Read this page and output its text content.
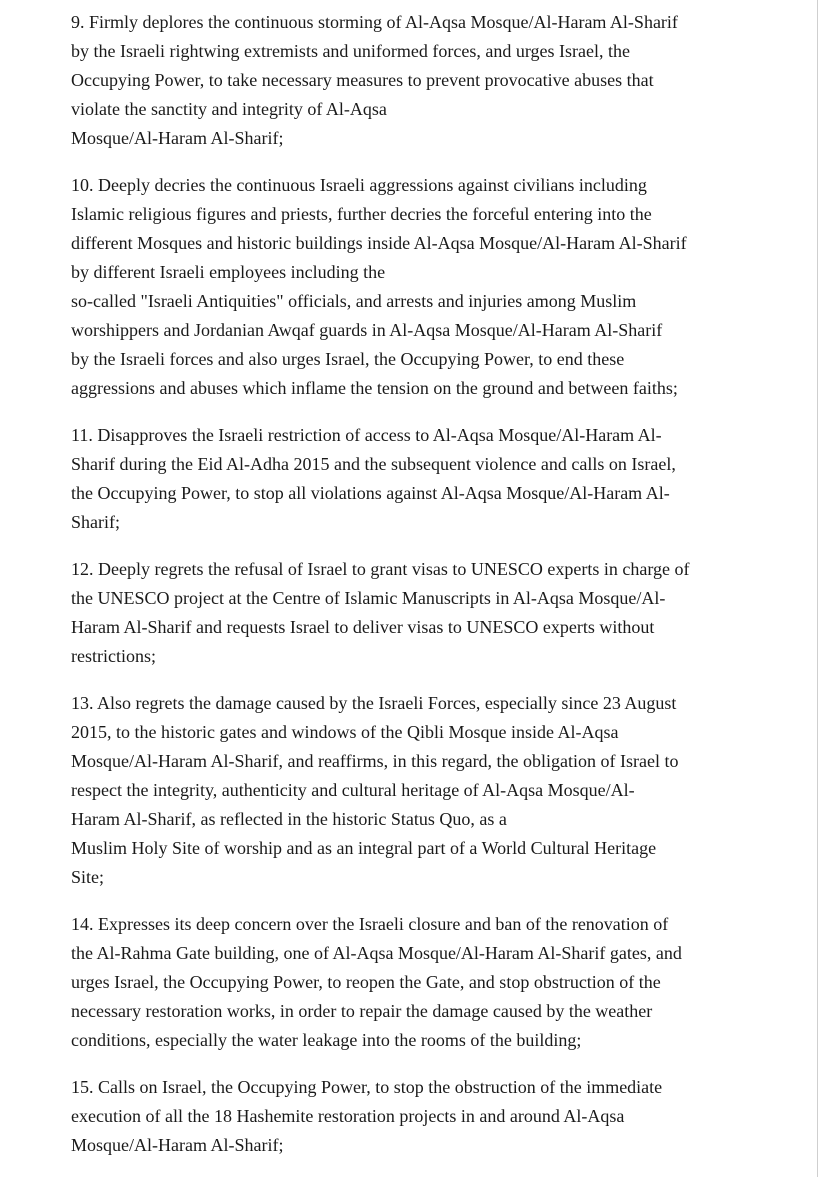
9. Firmly deplores the continuous storming of Al-Aqsa Mosque/Al-Haram Al-Sharif
by the Israeli rightwing extremists and uniformed forces, and urges Israel, the
Occupying Power, to take necessary measures to prevent provocative abuses that
violate the sanctity and integrity of Al-Aqsa
Mosque/Al-Haram Al-Sharif;

10. Deeply decries the continuous Israeli aggressions against civilians including
Islamic religious figures and priests, further decries the forceful entering into the
different Mosques and historic buildings inside Al-Aqsa Mosque/Al-Haram Al-Sharif
by different Israeli employees including the
so-called "Israeli Antiquities" officials, and arrests and injuries among Muslim
worshippers and Jordanian Awqaf guards in Al-Aqsa Mosque/Al-Haram Al-Sharif
by the Israeli forces and also urges Israel, the Occupying Power, to end these
aggressions and abuses which inflame the tension on the ground and between faiths;

11. Disapproves the Israeli restriction of access to Al-Aqsa Mosque/Al-Haram Al-
Sharif during the Eid Al-Adha 2015 and the subsequent violence and calls on Israel,
the Occupying Power, to stop all violations against Al-Aqsa Mosque/Al-Haram Al-
Sharif;

12. Deeply regrets the refusal of Israel to grant visas to UNESCO experts in charge of
the UNESCO project at the Centre of Islamic Manuscripts in Al-Aqsa Mosque/Al-
Haram Al-Sharif and requests Israel to deliver visas to UNESCO experts without
restrictions;

13. Also regrets the damage caused by the Israeli Forces, especially since 23 August
2015, to the historic gates and windows of the Qibli Mosque inside Al-Aqsa
Mosque/Al-Haram Al-Sharif, and reaffirms, in this regard, the obligation of Israel to
respect the integrity, authenticity and cultural heritage of Al-Aqsa Mosque/Al-
Haram Al-Sharif, as reflected in the historic Status Quo, as a
Muslim Holy Site of worship and as an integral part of a World Cultural Heritage
Site;

14. Expresses its deep concern over the Israeli closure and ban of the renovation of
the Al-Rahma Gate building, one of Al-Aqsa Mosque/Al-Haram Al-Sharif gates, and
urges Israel, the Occupying Power, to reopen the Gate, and stop obstruction of the
necessary restoration works, in order to repair the damage caused by the weather
conditions, especially the water leakage into the rooms of the building;

15. Calls on Israel, the Occupying Power, to stop the obstruction of the immediate
execution of all the 18 Hashemite restoration projects in and around Al-Aqsa
Mosque/Al-Haram Al-Sharif;
